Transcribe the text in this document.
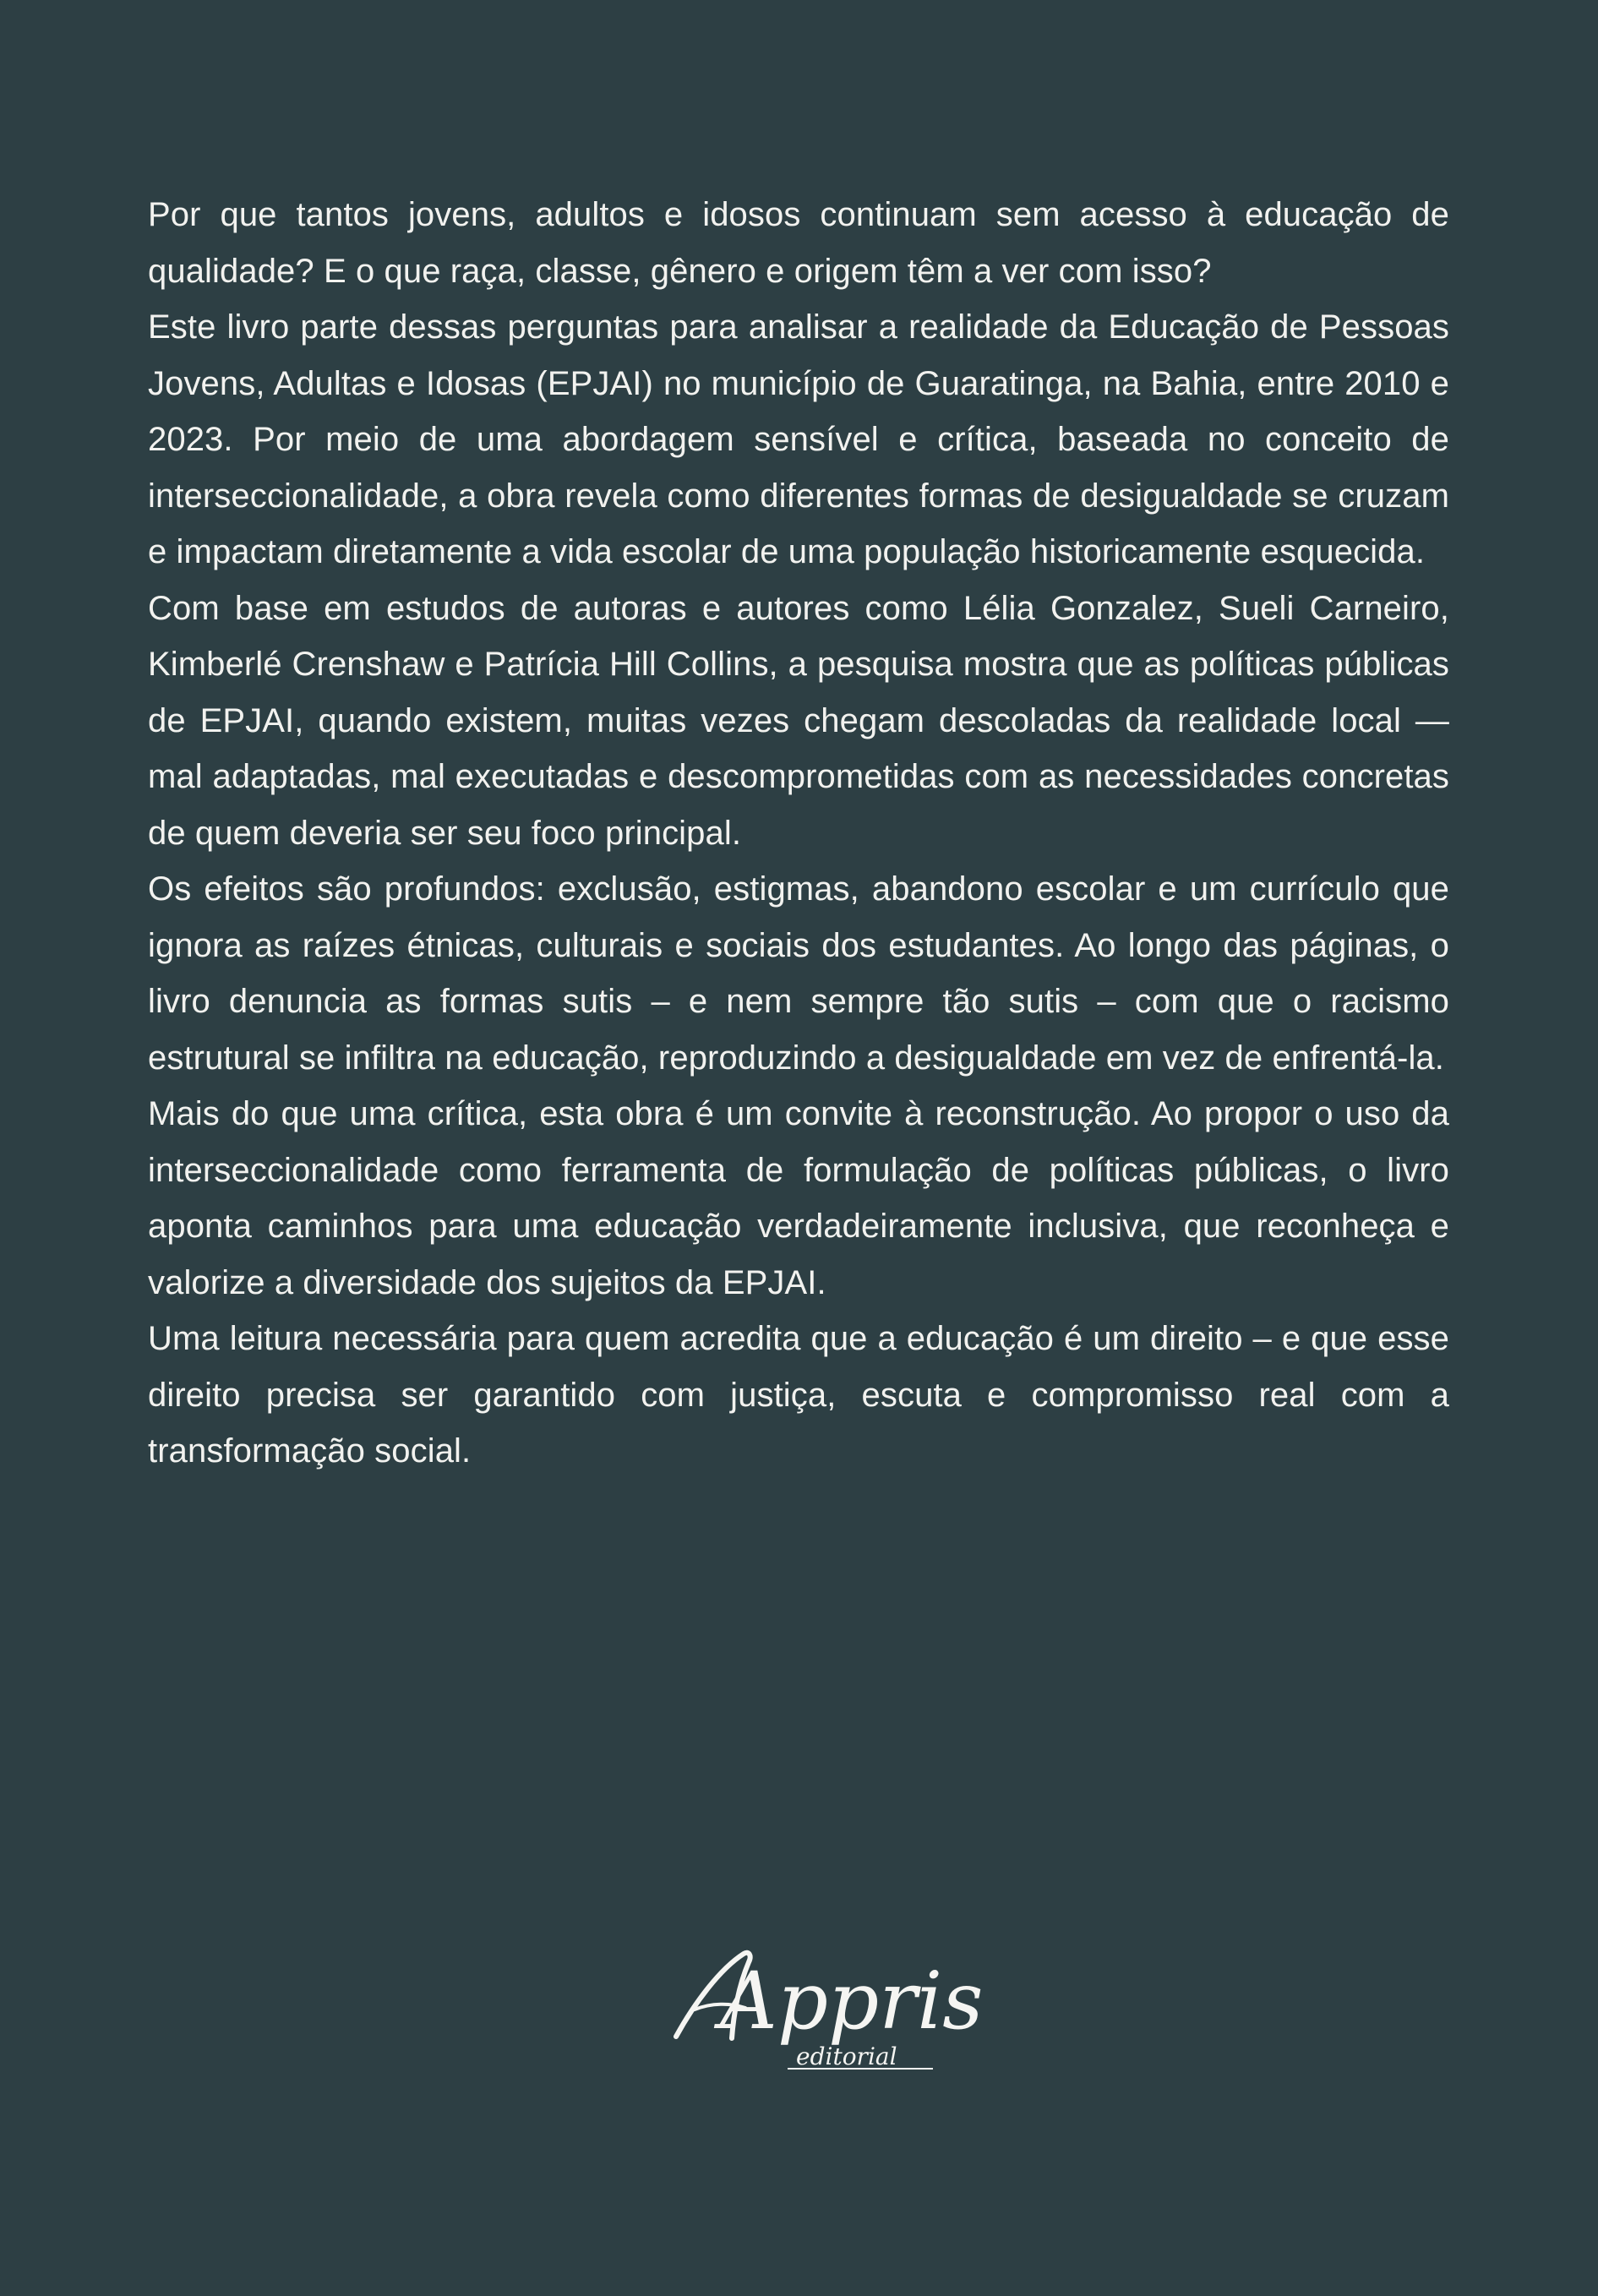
Por que tantos jovens, adultos e idosos continuam sem acesso à educação de qualidade? E o que raça, classe, gênero e origem têm a ver com isso?

Este livro parte dessas perguntas para analisar a realidade da Educação de Pessoas Jovens, Adultas e Idosas (EPJAI) no município de Guaratinga, na Bahia, entre 2010 e 2023. Por meio de uma abordagem sensível e crítica, baseada no conceito de interseccionalidade, a obra revela como diferentes formas de desigualdade se cruzam e impactam diretamente a vida escolar de uma população historicamente esquecida.

Com base em estudos de autoras e autores como Lélia Gonzalez, Sueli Carneiro, Kimberlé Crenshaw e Patrícia Hill Collins, a pesquisa mostra que as políticas públicas de EPJAI, quando existem, muitas vezes chegam descoladas da realidade local — mal adaptadas, mal executadas e descomprometidas com as necessidades concretas de quem deveria ser seu foco principal.

Os efeitos são profundos: exclusão, estigmas, abandono escolar e um currículo que ignora as raízes étnicas, culturais e sociais dos estudantes. Ao longo das páginas, o livro denuncia as formas sutis – e nem sempre tão sutis – com que o racismo estrutural se infiltra na educação, reproduzindo a desigualdade em vez de enfrentá-la.

Mais do que uma crítica, esta obra é um convite à reconstrução. Ao propor o uso da interseccionalidade como ferramenta de formulação de políticas públicas, o livro aponta caminhos para uma educação verdadeiramente inclusiva, que reconheça e valorize a diversidade dos sujeitos da EPJAI.

Uma leitura necessária para quem acredita que a educação é um direito – e que esse direito precisa ser garantido com justiça, escuta e compromisso real com a transformação social.

Appris
editorial
